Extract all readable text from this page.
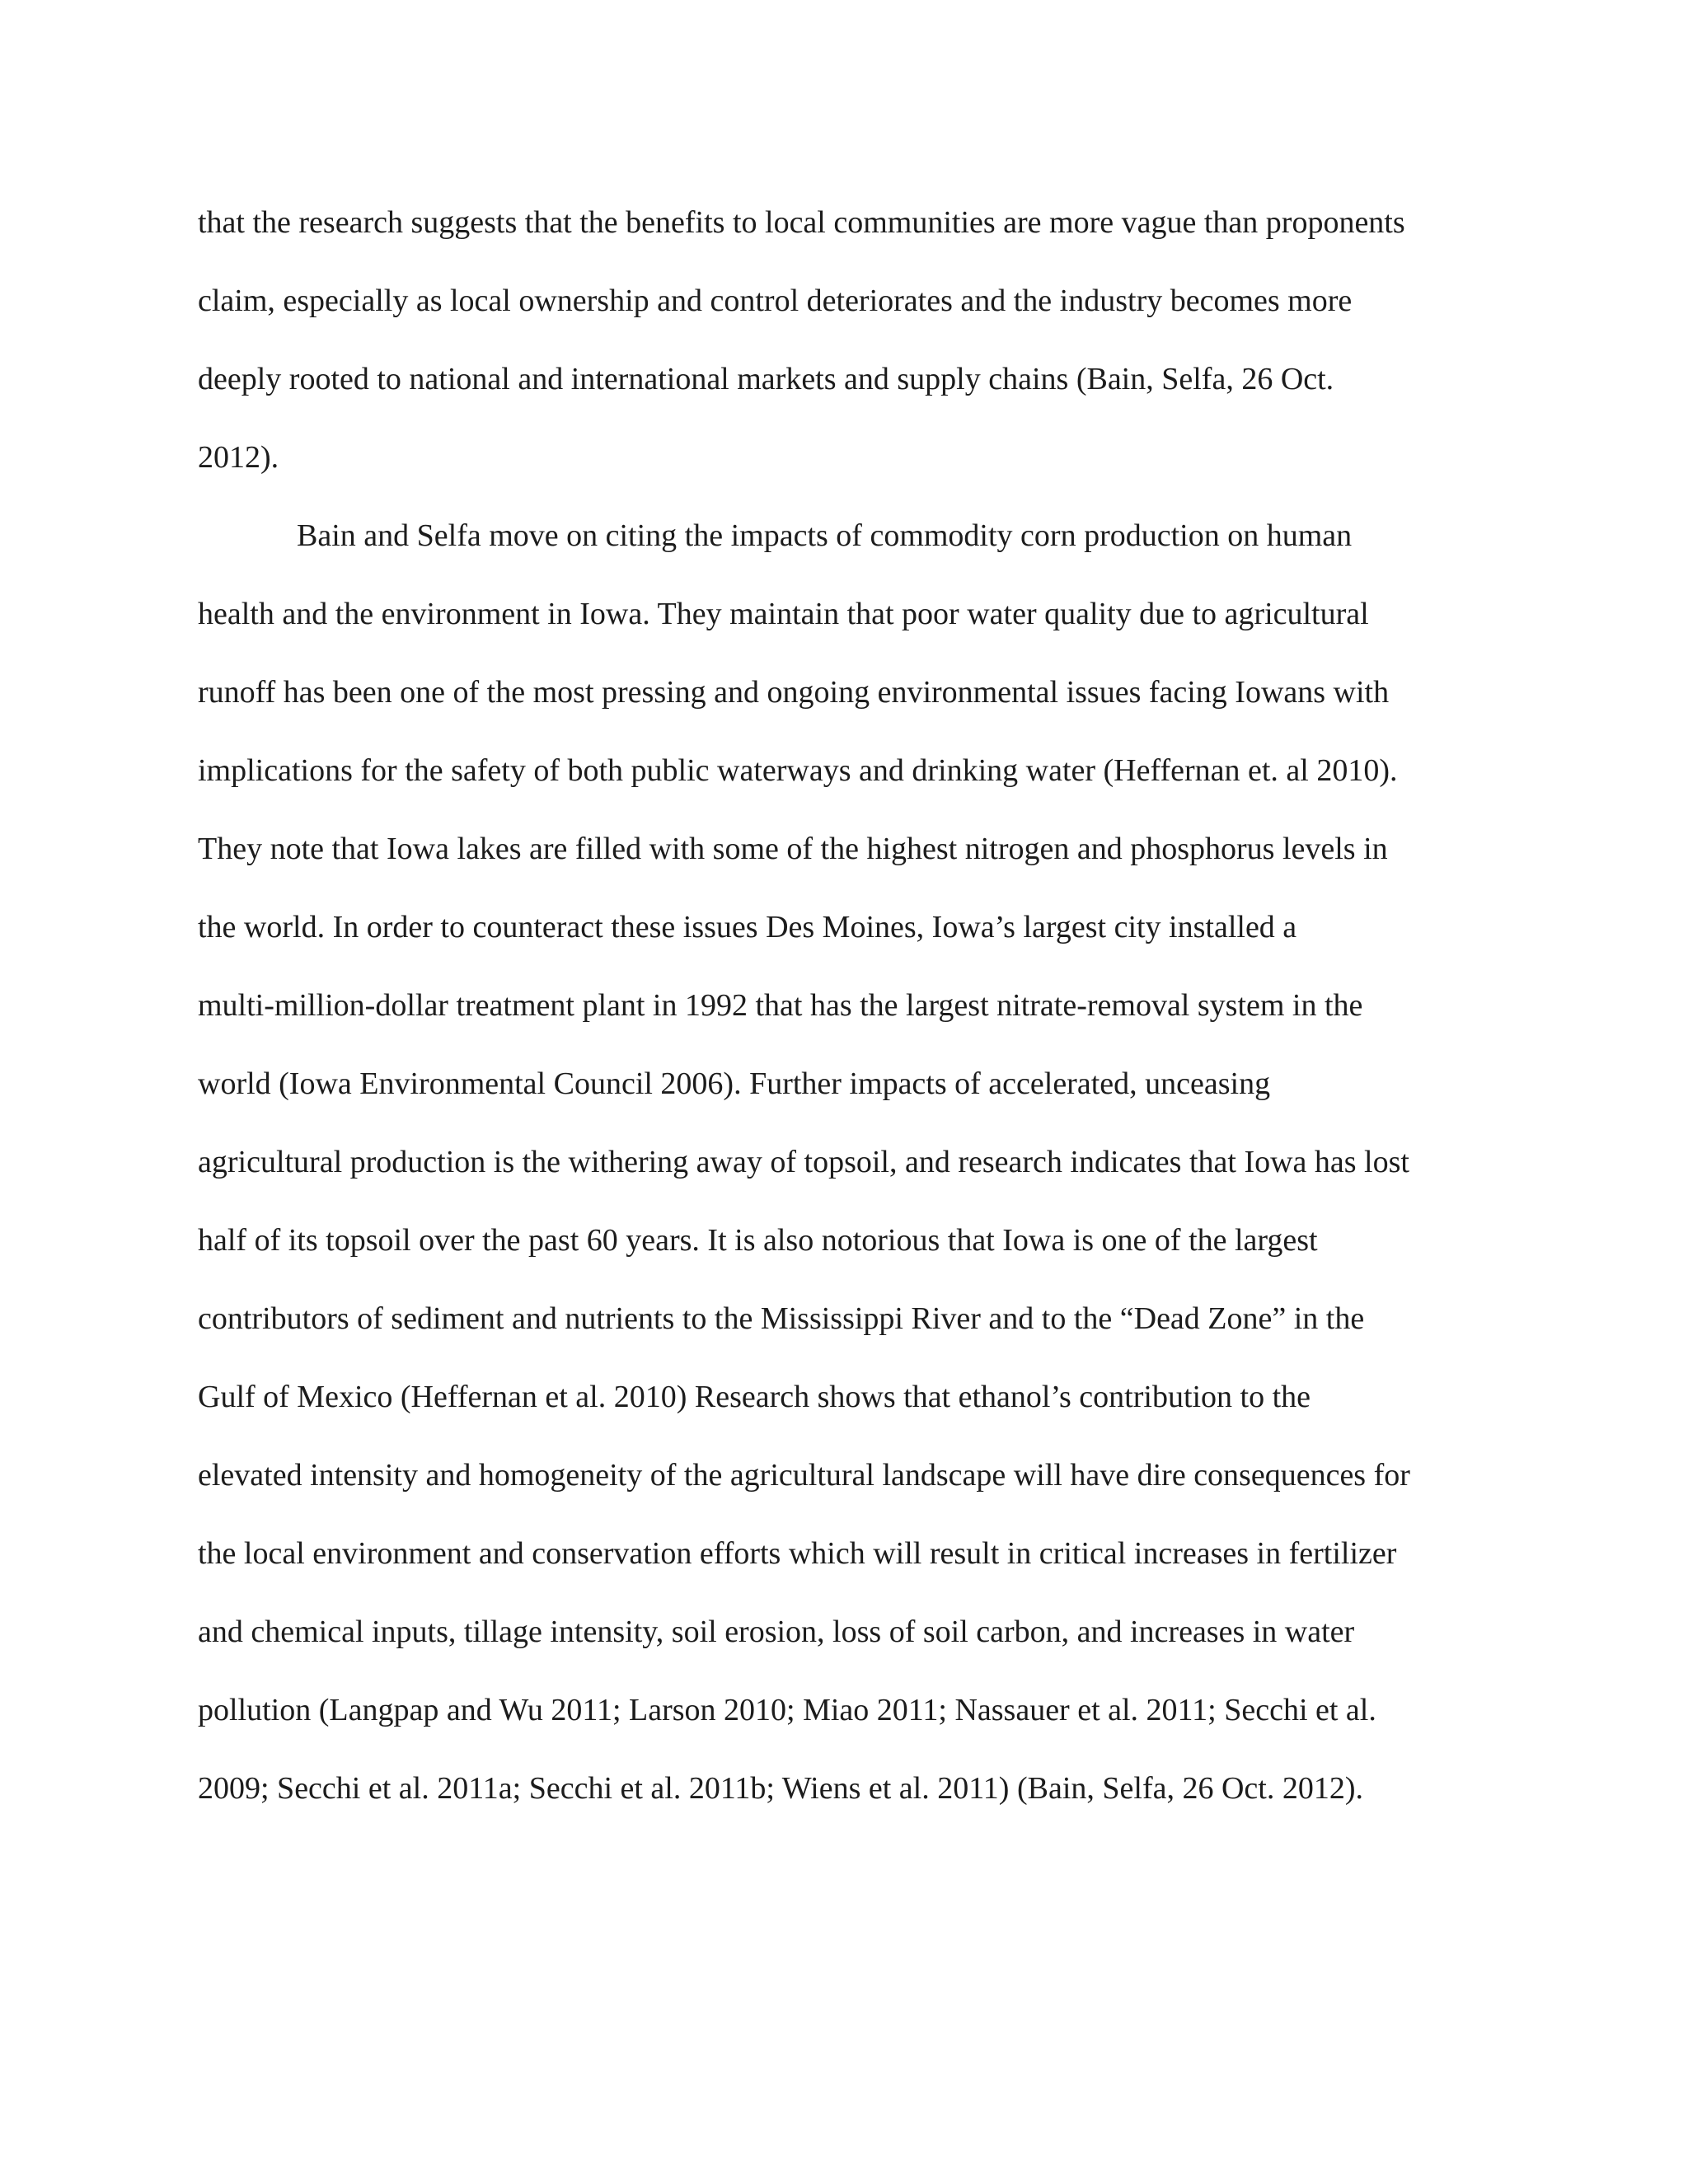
that the research suggests that the benefits to local communities are more vague than proponents
claim, especially as local ownership and control deteriorates and the industry becomes more
deeply rooted to national and international markets and supply chains (Bain, Selfa, 26 Oct.
2012).
Bain and Selfa move on citing the impacts of commodity corn production on human
health and the environment in Iowa. They maintain that poor water quality due to agricultural
runoff has been one of the most pressing and ongoing environmental issues facing Iowans with
implications for the safety of both public waterways and drinking water (Heffernan et. al 2010).
They note that Iowa lakes are filled with some of the highest nitrogen and phosphorus levels in
the world. In order to counteract these issues Des Moines, Iowa’s largest city installed a
multi-million-dollar treatment plant in 1992 that has the largest nitrate-removal system in the
world (Iowa Environmental Council 2006). Further impacts of accelerated, unceasing
agricultural production is the withering away of topsoil, and research indicates that Iowa has lost
half of its topsoil over the past 60 years. It is also notorious that Iowa is one of the largest
contributors of sediment and nutrients to the Mississippi River and to the “Dead Zone” in the
Gulf of Mexico (Heffernan et al. 2010) Research shows that ethanol’s contribution to the
elevated intensity and homogeneity of the agricultural landscape will have dire consequences for
the local environment and conservation efforts which will result in critical increases in fertilizer
and chemical inputs, tillage intensity, soil erosion, loss of soil carbon, and increases in water
pollution (Langpap and Wu 2011; Larson 2010; Miao 2011; Nassauer et al. 2011; Secchi et al.
2009; Secchi et al. 2011a; Secchi et al. 2011b; Wiens et al. 2011) (Bain, Selfa, 26 Oct. 2012).
